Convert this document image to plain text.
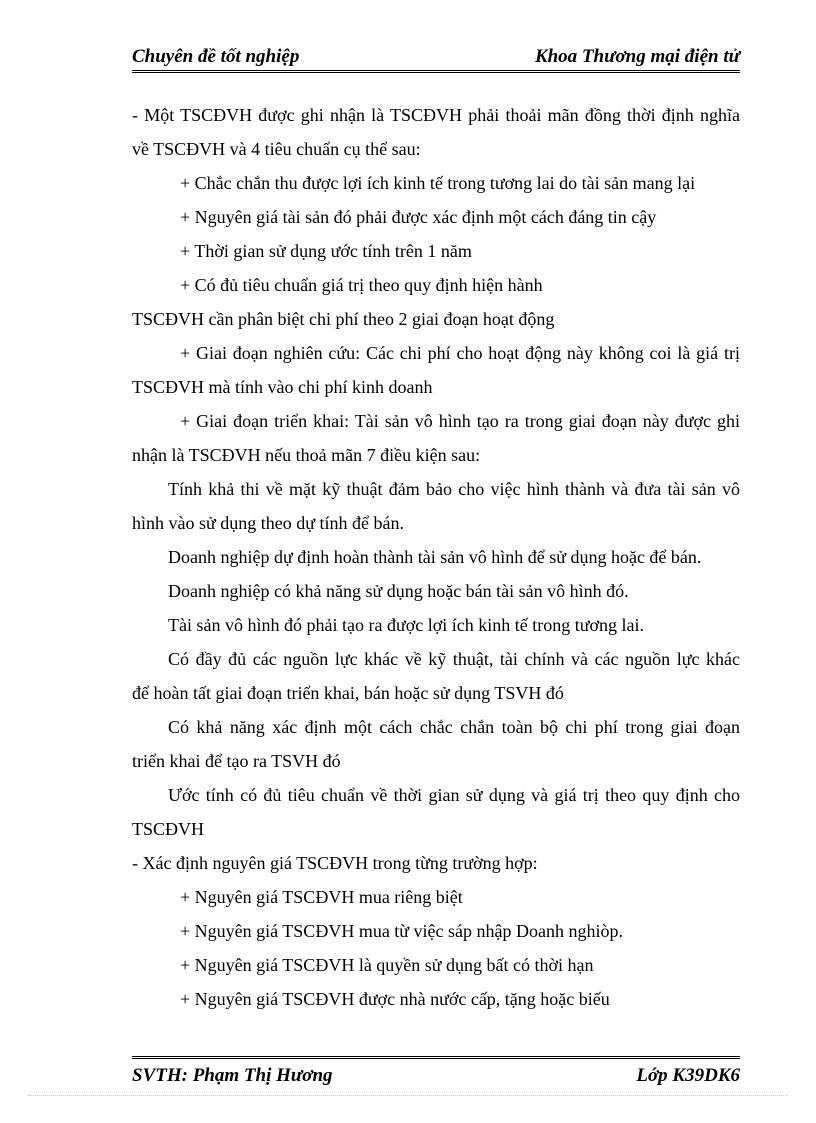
Chuyên đề tốt nghiệp	Khoa Thương mại điện tử
- Một TSCĐVH được ghi nhận là TSCĐVH phải thoải mãn đồng thời định nghĩa
về TSCĐVH và 4 tiêu chuẩn cụ thể sau:
+ Chắc chắn thu được lợi ích kinh tế trong tương lai do tài sản mang lại
+ Nguyên giá tài sản đó phải được xác định một cách đáng tin cậy
+ Thời gian sử dụng ước tính trên 1 năm
+ Có đủ tiêu chuẩn giá trị theo quy định hiện hành
TSCĐVH cần phân biệt chi phí theo 2 giai đoạn hoạt động
+ Giai đoạn nghiên cứu: Các chi phí cho hoạt động này không coi là giá trị
TSCĐVH mà tính vào chi phí kinh doanh
+ Giai đoạn triển khai: Tài sản vô hình tạo ra trong giai đoạn này được ghi
nhận là TSCĐVH nếu thoả mãn 7 điều kiện sau:
Tính khả thi về mặt kỹ thuật đảm bảo cho việc hình thành và đưa tài sản vô
hình vào sử dụng theo dự tính để bán.
Doanh nghiệp dự định hoàn thành tài sản vô hình để sử dụng hoặc để bán.
Doanh nghiệp có khả năng sử dụng hoặc bán tài sản vô hình đó.
Tài sản vô hình đó phải tạo ra được lợi ích kinh tế trong tương lai.
Có đầy đủ các nguồn lực khác về kỹ thuật, tài chính và các nguồn lực khác
để hoàn tất giai đoạn triển khai, bán hoặc sử dụng TSVH đó
Có khả năng xác định một cách chắc chắn toàn bộ chi phí trong giai đoạn
triển khai để tạo ra TSVH đó
Ước tính có đủ tiêu chuẩn về thời gian sử dụng và giá trị theo quy định cho
TSCĐVH
- Xác định nguyên giá TSCĐVH trong từng trường hợp:
+ Nguyên giá TSCĐVH mua riêng biệt
+ Nguyên giá TSCĐVH mua từ việc sáp nhập Doanh nghiòp.
+ Nguyên giá TSCĐVH là quyền sử dụng bất có thời hạn
+ Nguyên giá TSCĐVH được nhà nước cấp, tặng hoặc biếu
SVTH: Phạm Thị Hương	Lớp K39DK6
